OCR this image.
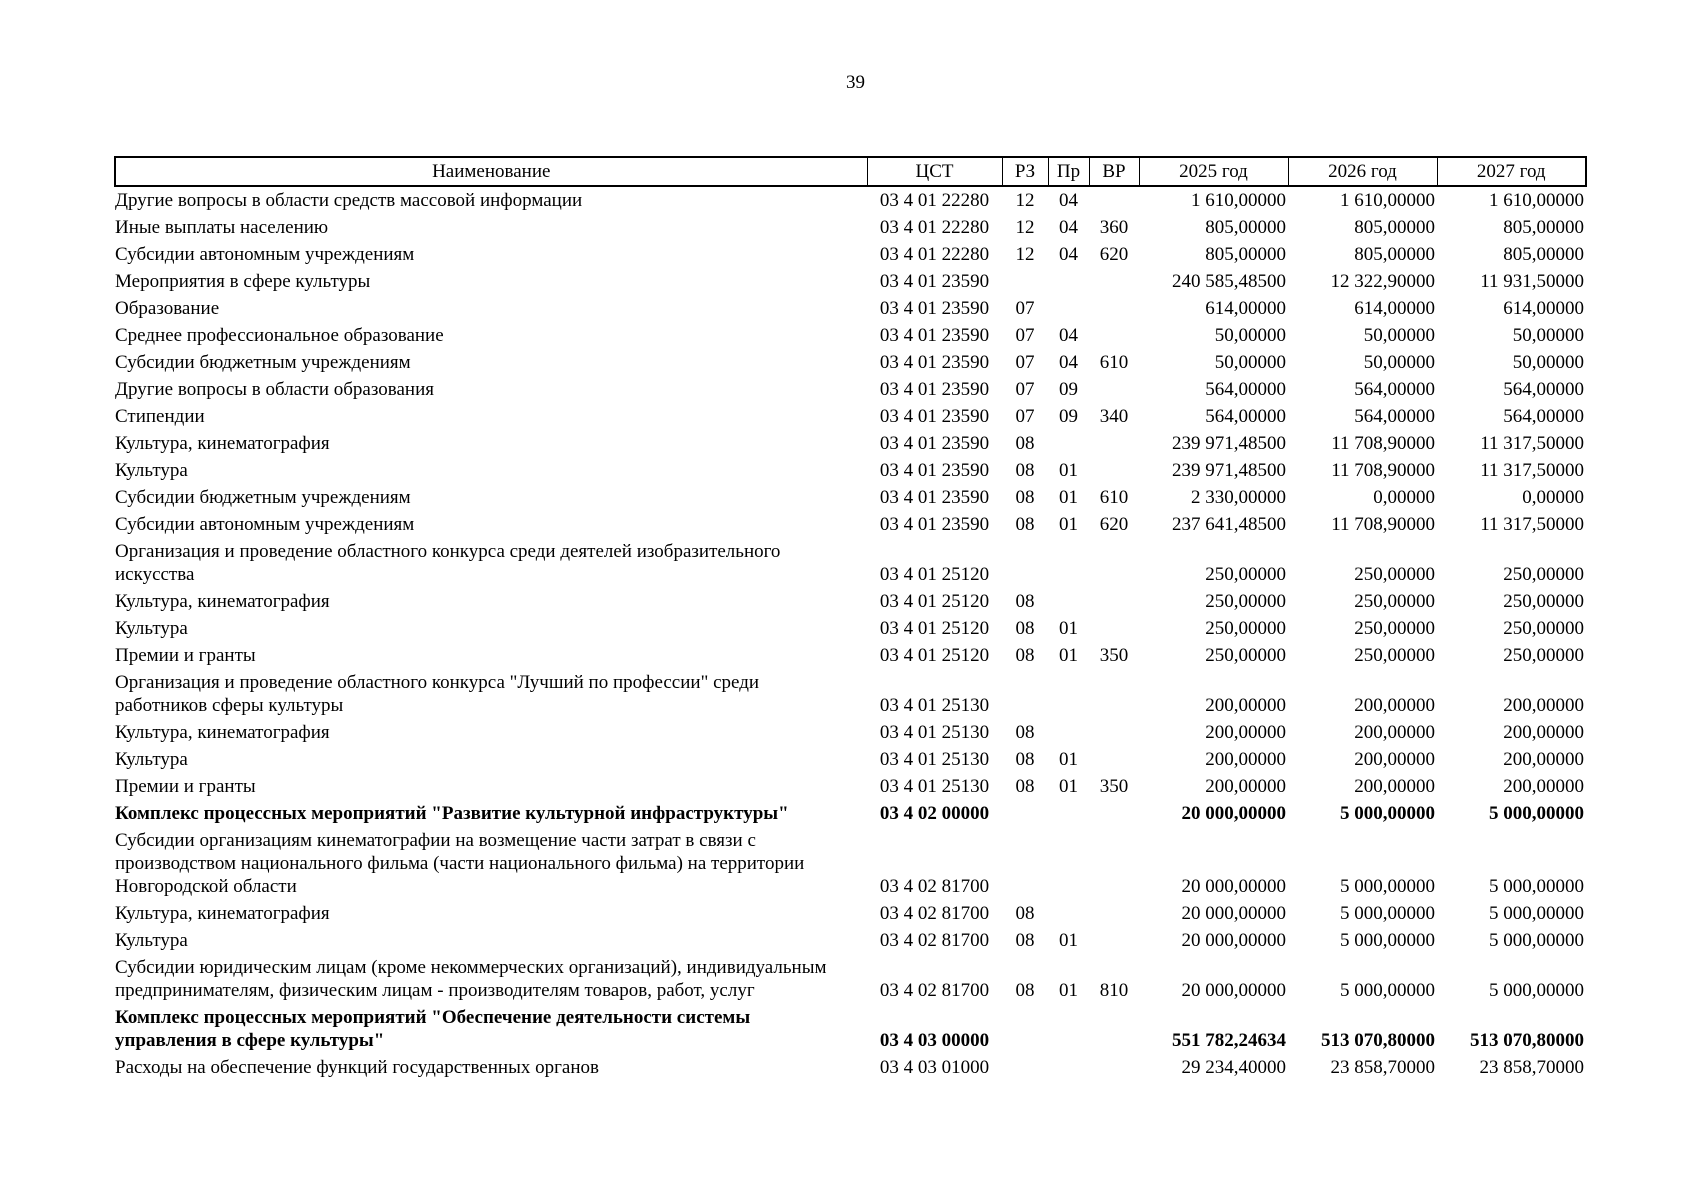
39
Наименование	ЦСТ	РЗ	Пр	ВР	2025 год	2026 год	2027 год
Другие вопросы в области средств массовой информации	03 4 01 22280	12	04		1 610,00000	1 610,00000	1 610,00000
Иные выплаты населению	03 4 01 22280	12	04	360	805,00000	805,00000	805,00000
Субсидии автономным учреждениям	03 4 01 22280	12	04	620	805,00000	805,00000	805,00000
Мероприятия в сфере культуры	03 4 01 23590				240 585,48500	12 322,90000	11 931,50000
Образование	03 4 01 23590	07			614,00000	614,00000	614,00000
Среднее профессиональное образование	03 4 01 23590	07	04		50,00000	50,00000	50,00000
Субсидии бюджетным учреждениям	03 4 01 23590	07	04	610	50,00000	50,00000	50,00000
Другие вопросы в области образования	03 4 01 23590	07	09		564,00000	564,00000	564,00000
Стипендии	03 4 01 23590	07	09	340	564,00000	564,00000	564,00000
Культура, кинематография	03 4 01 23590	08			239 971,48500	11 708,90000	11 317,50000
Культура	03 4 01 23590	08	01		239 971,48500	11 708,90000	11 317,50000
Субсидии бюджетным учреждениям	03 4 01 23590	08	01	610	2 330,00000	0,00000	0,00000
Субсидии автономным учреждениям	03 4 01 23590	08	01	620	237 641,48500	11 708,90000	11 317,50000
Организация и проведение областного конкурса среди деятелей изобразительного искусства	03 4 01 25120				250,00000	250,00000	250,00000
Культура, кинематография	03 4 01 25120	08			250,00000	250,00000	250,00000
Культура	03 4 01 25120	08	01		250,00000	250,00000	250,00000
Премии и гранты	03 4 01 25120	08	01	350	250,00000	250,00000	250,00000
Организация и проведение областного конкурса "Лучший по профессии" среди работников сферы культуры	03 4 01 25130				200,00000	200,00000	200,00000
Культура, кинематография	03 4 01 25130	08			200,00000	200,00000	200,00000
Культура	03 4 01 25130	08	01		200,00000	200,00000	200,00000
Премии и гранты	03 4 01 25130	08	01	350	200,00000	200,00000	200,00000
Комплекс процессных мероприятий "Развитие культурной инфраструктуры"	03 4 02 00000				20 000,00000	5 000,00000	5 000,00000
Субсидии организациям кинематографии на возмещение части затрат в связи с производством национального фильма (части национального фильма) на территории Новгородской области	03 4 02 81700				20 000,00000	5 000,00000	5 000,00000
Культура, кинематография	03 4 02 81700	08			20 000,00000	5 000,00000	5 000,00000
Культура	03 4 02 81700	08	01		20 000,00000	5 000,00000	5 000,00000
Субсидии юридическим лицам (кроме некоммерческих организаций), индивидуальным предпринимателям, физическим лицам - производителям товаров, работ, услуг	03 4 02 81700	08	01	810	20 000,00000	5 000,00000	5 000,00000
Комплекс процессных мероприятий "Обеспечение деятельности системы управления в сфере культуры"	03 4 03 00000				551 782,24634	513 070,80000	513 070,80000
Расходы на обеспечение функций государственных органов	03 4 03 01000				29 234,40000	23 858,70000	23 858,70000
